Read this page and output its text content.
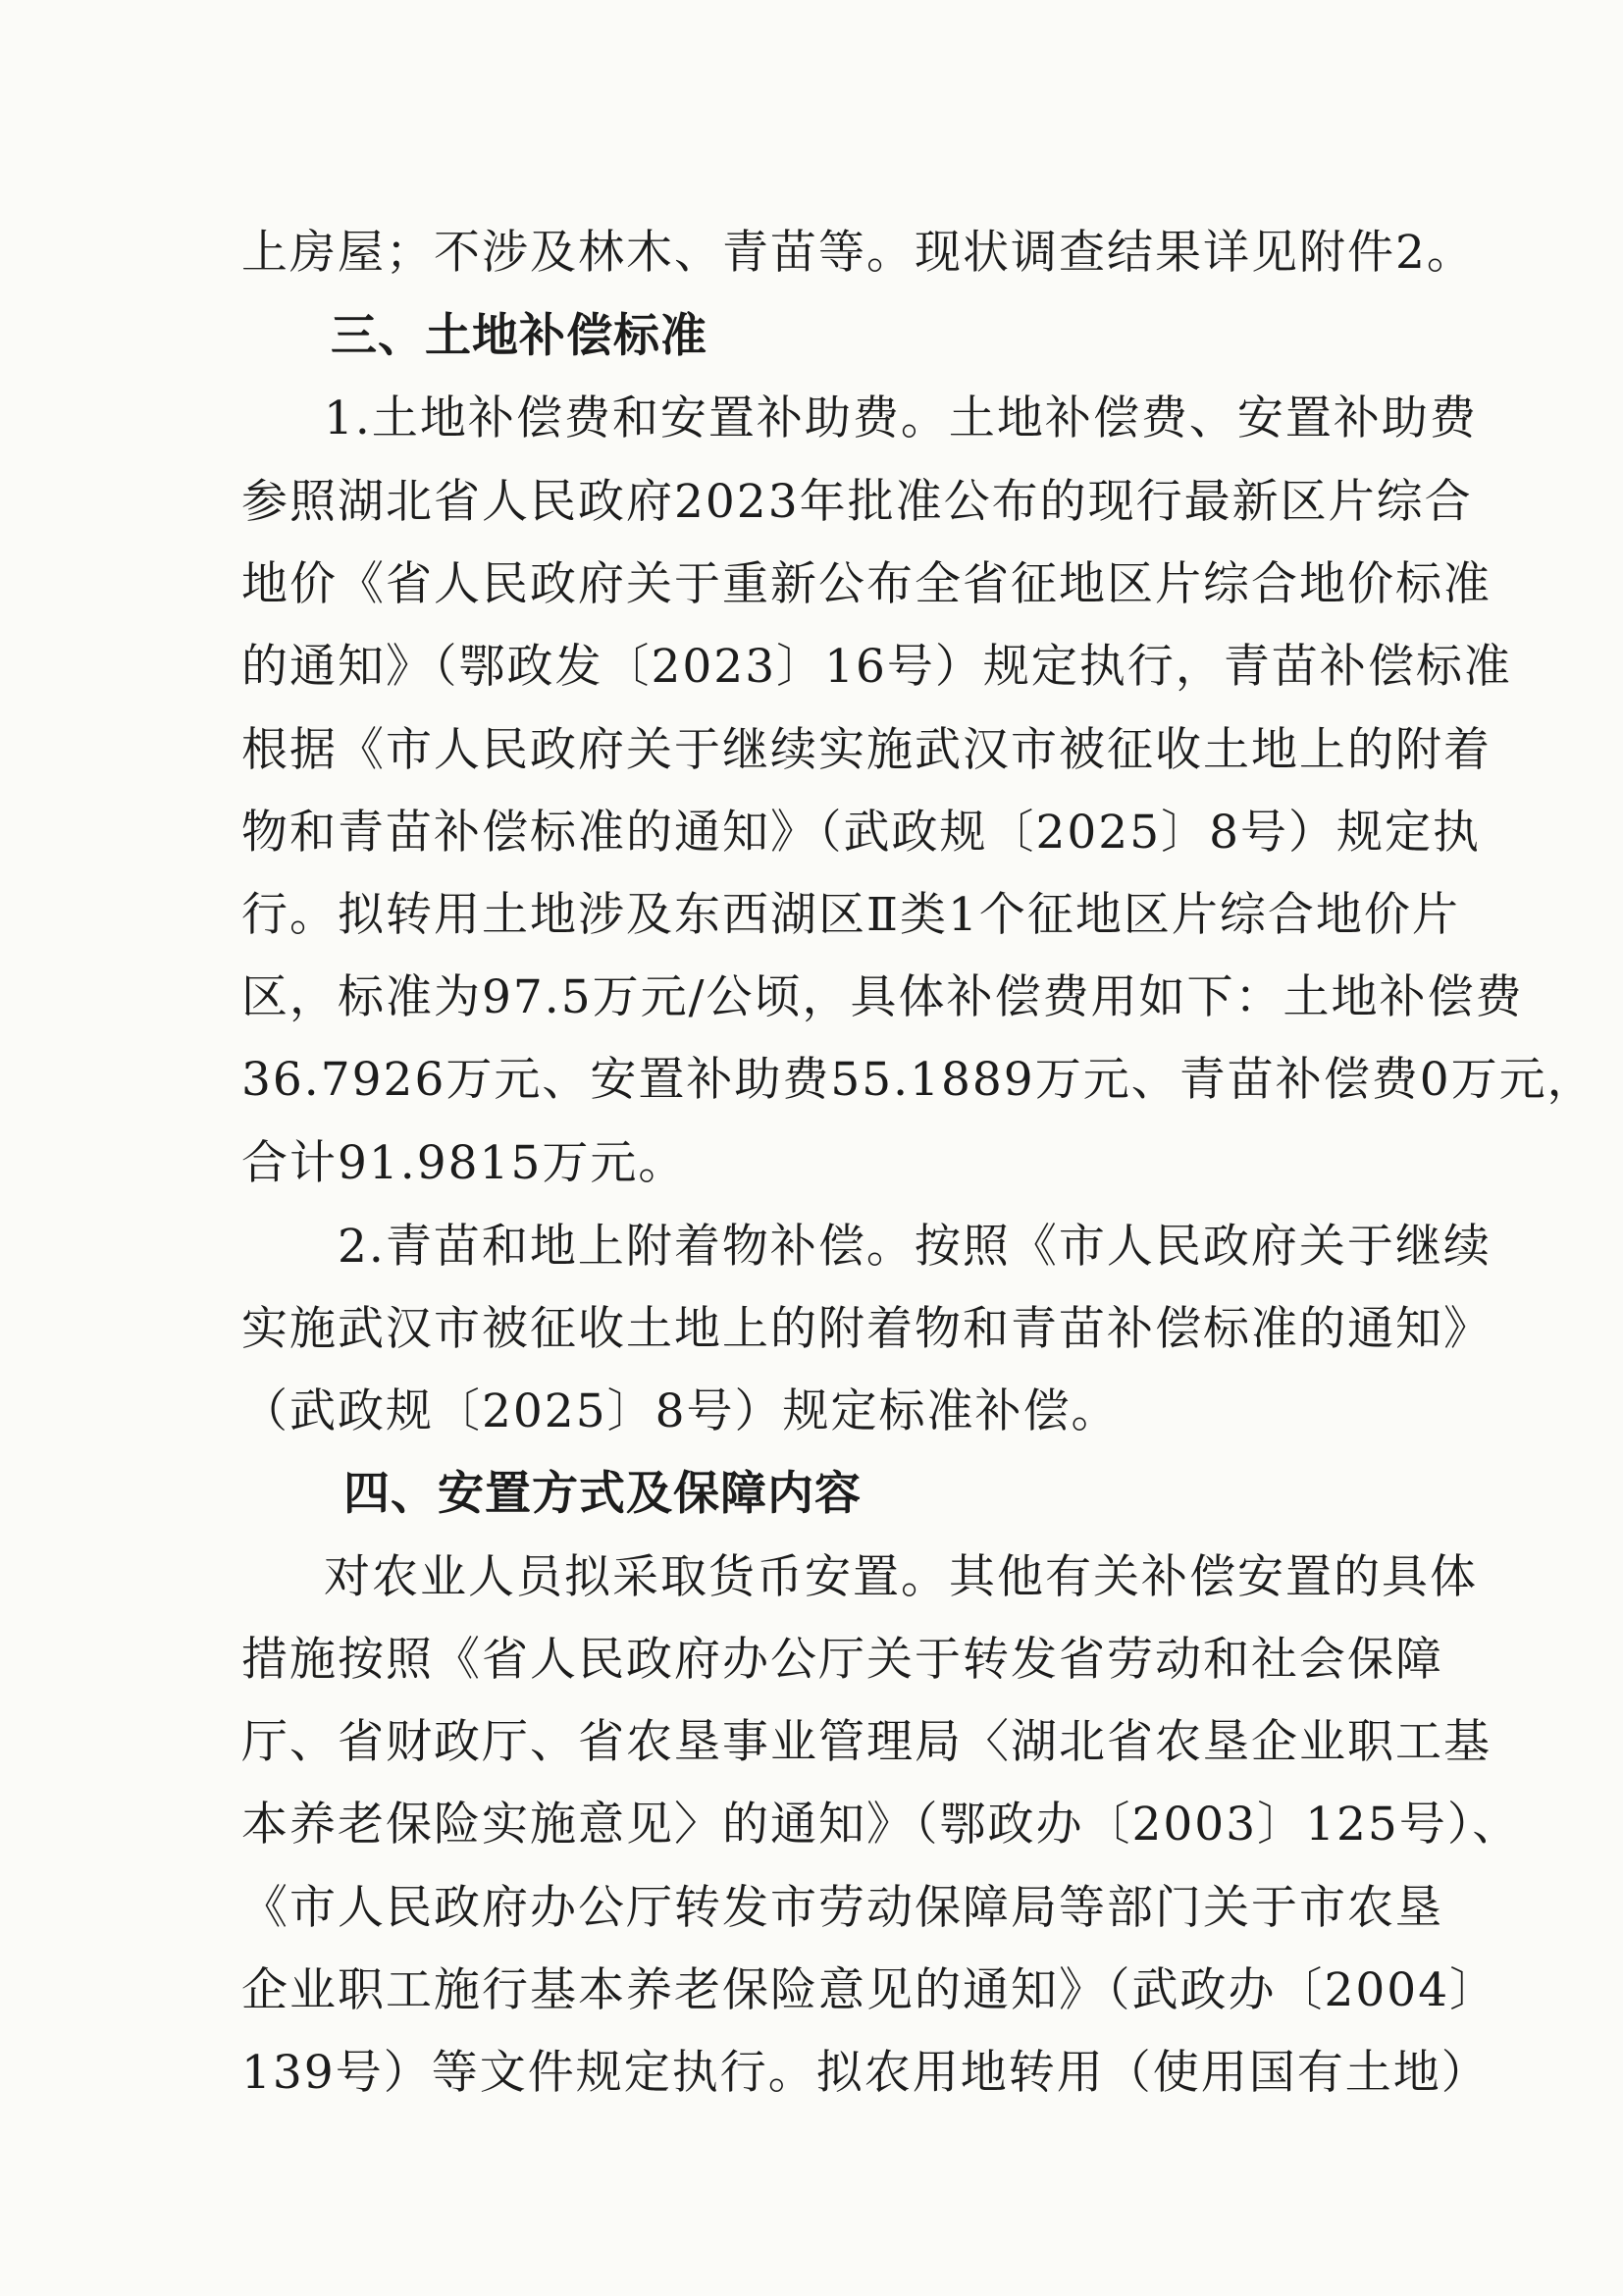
上房屋；不涉及林木、青苗等。现状调查结果详见附件2。
三、土地补偿标准
1.土地补偿费和安置补助费。土地补偿费、安置补助费
参照湖北省人民政府2023年批准公布的现行最新区片综合
地价《省人民政府关于重新公布全省征地区片综合地价标准
的通知》（鄂政发〔2023〕16号）规定执行，青苗补偿标准
根据《市人民政府关于继续实施武汉市被征收土地上的附着
物和青苗补偿标准的通知》（武政规〔2025〕8号）规定执
行。拟转用土地涉及东西湖区Ⅱ类1个征地区片综合地价片
区，标准为97.5万元/公顷，具体补偿费用如下：土地补偿费
36.7926万元、安置补助费55.1889万元、青苗补偿费0万元，
合计91.9815万元。
2.青苗和地上附着物补偿。按照《市人民政府关于继续
实施武汉市被征收土地上的附着物和青苗补偿标准的通知》
（武政规〔2025〕8号）规定标准补偿。
四、安置方式及保障内容
对农业人员拟采取货币安置。其他有关补偿安置的具体
措施按照《省人民政府办公厅关于转发省劳动和社会保障
厅、省财政厅、省农垦事业管理局〈湖北省农垦企业职工基
本养老保险实施意见〉的通知》（鄂政办〔2003〕125号）、
《市人民政府办公厅转发市劳动保障局等部门关于市农垦
企业职工施行基本养老保险意见的通知》（武政办〔2004〕
139号）等文件规定执行。拟农用地转用（使用国有土地）
